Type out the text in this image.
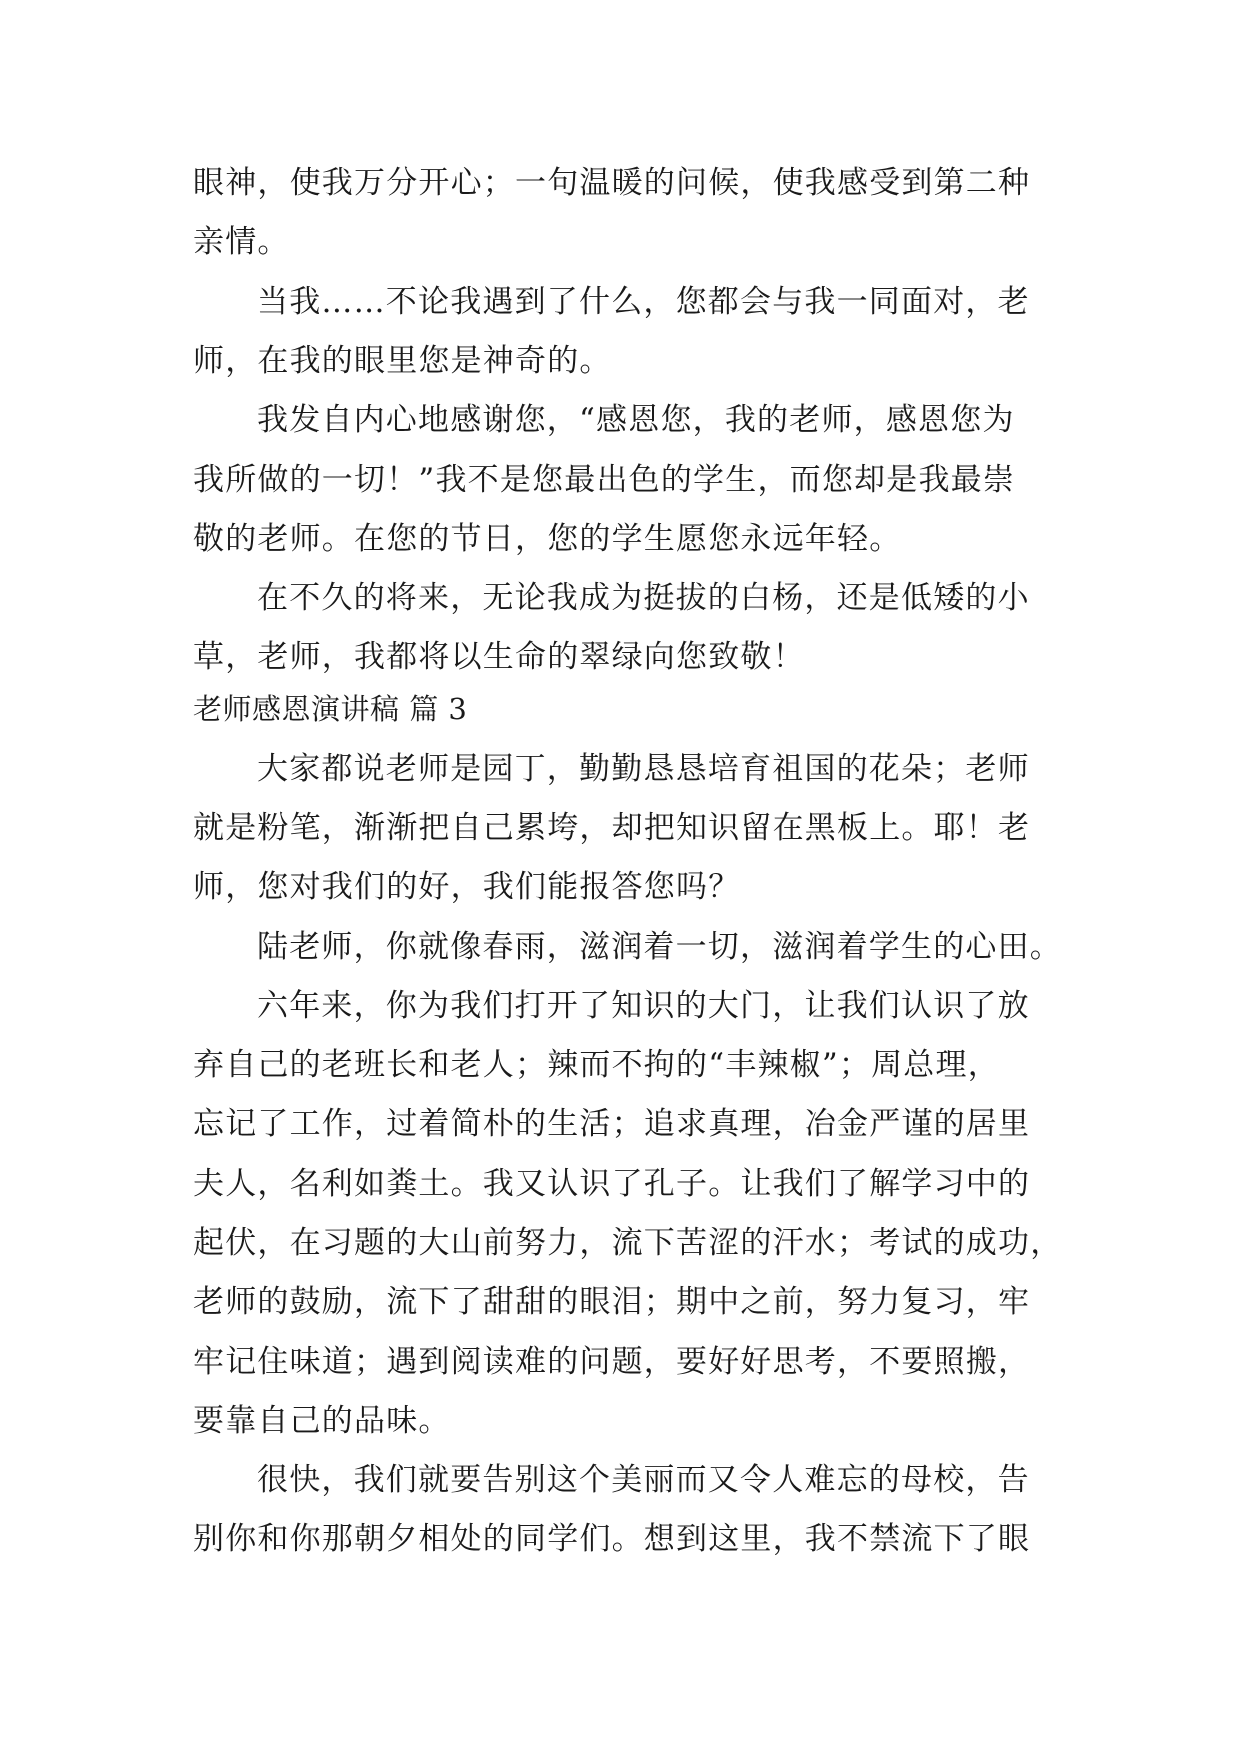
眼神，使我万分开心；一句温暖的问候，使我感受到第二种
亲情。
当我……不论我遇到了什么，您都会与我一同面对，老
师，在我的眼里您是神奇的。
我发自内心地感谢您，“感恩您，我的老师，感恩您为
我所做的一切！”我不是您最出色的学生，而您却是我最崇
敬的老师。在您的节日，您的学生愿您永远年轻。
在不久的将来，无论我成为挺拔的白杨，还是低矮的小
草，老师，我都将以生命的翠绿向您致敬！
老师感恩演讲稿 篇 3
大家都说老师是园丁，勤勤恳恳培育祖国的花朵；老师
就是粉笔，渐渐把自己累垮，却把知识留在黑板上。耶！老
师，您对我们的好，我们能报答您吗？
陆老师，你就像春雨，滋润着一切，滋润着学生的心田。
六年来，你为我们打开了知识的大门，让我们认识了放
弃自己的老班长和老人；辣而不拘的“丰辣椒”；周总理，
忘记了工作，过着简朴的生活；追求真理，冶金严谨的居里
夫人，名利如粪土。我又认识了孔子。让我们了解学习中的
起伏，在习题的大山前努力，流下苦涩的汗水；考试的成功，
老师的鼓励，流下了甜甜的眼泪；期中之前，努力复习，牢
牢记住味道；遇到阅读难的问题，要好好思考，不要照搬，
要靠自己的品味。
很快，我们就要告别这个美丽而又令人难忘的母校，告
别你和你那朝夕相处的同学们。想到这里，我不禁流下了眼
